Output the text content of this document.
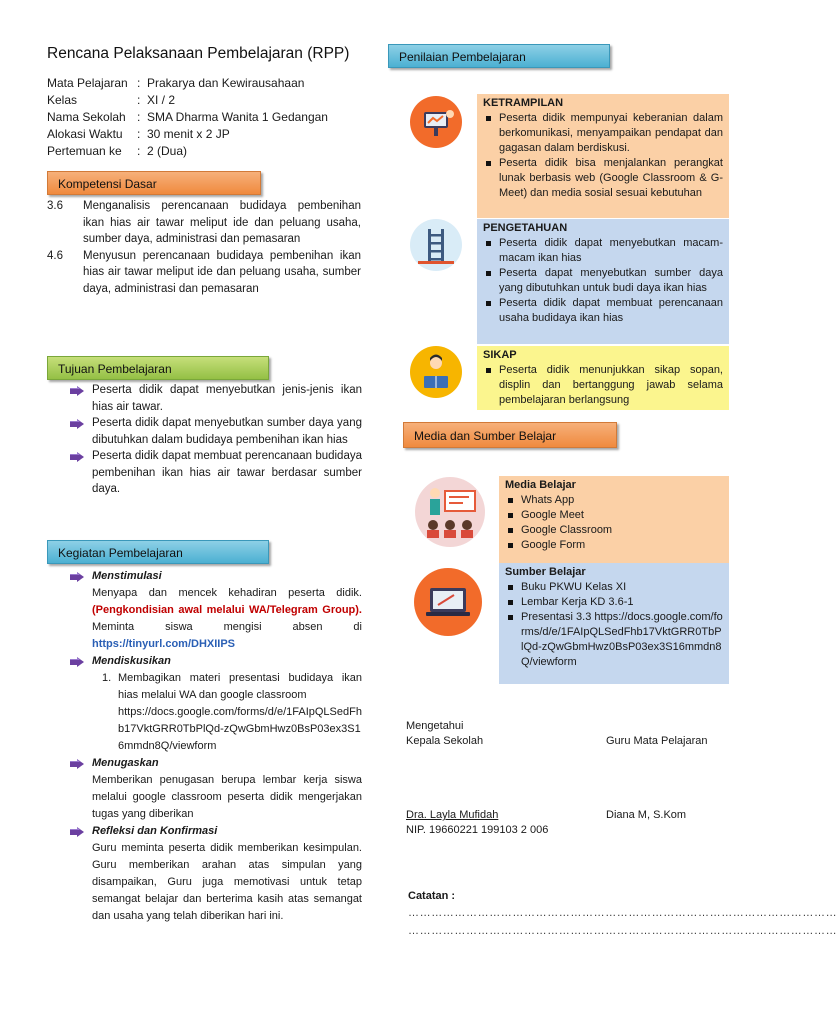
Rencana Pelaksanaan Pembelajaran (RPP)
Mata Pelajaran	:	Prakarya dan Kewirausahaan
Kelas	:	XI / 2
Nama Sekolah	:	SMA Dharma Wanita 1 Gedangan
Alokasi Waktu	:	30 menit x 2 JP
Pertemuan ke	:	2 (Dua)
Kompetensi Dasar
3.6 Menganalisis perencanaan budidaya pembenihan ikan hias air tawar meliput ide dan peluang usaha, sumber daya, administrasi dan pemasaran
4.6 Menyusun perencanaan budidaya pembenihan ikan hias air tawar meliput ide dan peluang usaha, sumber daya, administrasi dan pemasaran
Tujuan Pembelajaran
Peserta didik dapat menyebutkan jenis-jenis ikan hias air tawar.
Peserta didik dapat menyebutkan sumber daya yang dibutuhkan dalam budidaya pembenihan ikan hias
Peserta didik dapat membuat perencanaan budidaya pembenihan ikan hias air tawar berdasar sumber daya.
Kegiatan Pembelajaran
Menstimulasi
Menyapa dan mencek kehadiran peserta didik. (Pengkondisian awal melalui WA/Telegram Group). Meminta siswa mengisi absen di https://tinyurl.com/DHXIIPS
Mendiskusikan
1. Membagikan materi presentasi budidaya ikan hias melalui WA dan google classroom
https://docs.google.com/forms/d/e/1FAIpQLSedFhb17VktGRR0TbPlQd-zQwGbmHwz0BsP03ex3S16mmdn8Q/viewform
Menugaskan
Memberikan penugasan berupa lembar kerja siswa melalui google classroom peserta didik mengerjakan tugas yang diberikan
Refleksi dan Konfirmasi
Guru meminta peserta didik memberikan kesimpulan. Guru memberikan arahan atas simpulan yang disampaikan, Guru juga memotivasi untuk tetap semangat belajar dan berterima kasih atas semangat dan usaha yang telah diberikan hari ini.
Penilaian Pembelajaran
KETRAMPILAN
Peserta didik mempunyai keberanian dalam berkomunikasi, menyampaikan pendapat dan gagasan dalam berdiskusi.
Peserta didik bisa menjalankan perangkat lunak berbasis web (Google Classroom & G-Meet) dan media sosial sesuai kebutuhan
PENGETAHUAN
Peserta didik dapat menyebutkan macam-macam ikan hias
Peserta dapat menyebutkan sumber daya yang dibutuhkan untuk budi daya ikan hias
Peserta didik dapat membuat perencanaan usaha budidaya ikan hias
SIKAP
Peserta didik menunjukkan sikap sopan, displin dan bertanggung jawab selama pembelajaran berlangsung
Media dan Sumber Belajar
Media Belajar
Whats App
Google Meet
Google Classroom
Google Form
Sumber Belajar
Buku PKWU Kelas XI
Lembar Kerja KD 3.6-1
Presentasi 3.3 https://docs.google.com/forms/d/e/1FAIpQLSedFhb17VktGRR0TbPlQd-zQwGbmHwz0BsP03ex3S16mmdn8Q/viewform
Mengetahui
Kepala Sekolah	Guru Mata Pelajaran
Dra. Layla Mufidah	Diana M, S.Kom
NIP. 19660221 199103 2 006
Catatan :
…………………………………………………………………………………………………
…………………………………………………………………………………………………
